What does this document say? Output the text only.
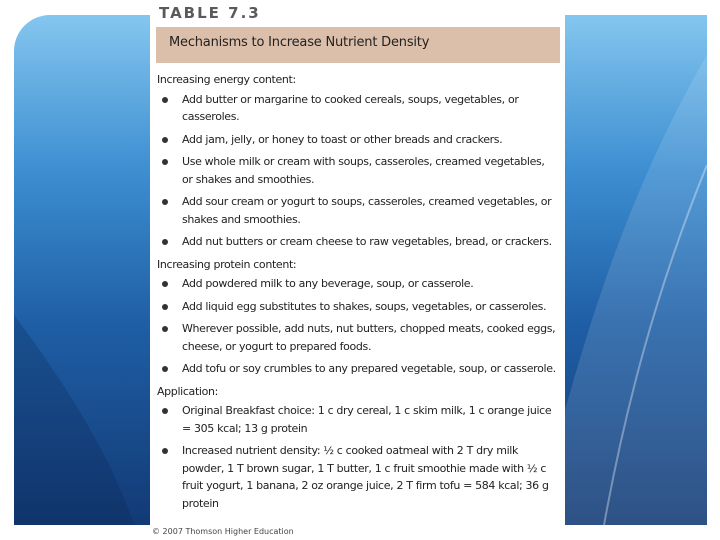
TABLE 7.3
Mechanisms to Increase Nutrient Density
Increasing energy content:
Add butter or margarine to cooked cereals, soups, vegetables, or casseroles.
Add jam, jelly, or honey to toast or other breads and crackers.
Use whole milk or cream with soups, casseroles, creamed vegetables, or shakes and smoothies.
Add sour cream or yogurt to soups, casseroles, creamed vegetables, or shakes and smoothies.
Add nut butters or cream cheese to raw vegetables, bread, or crackers.
Increasing protein content:
Add powdered milk to any beverage, soup, or casserole.
Add liquid egg substitutes to shakes, soups, vegetables, or casseroles.
Wherever possible, add nuts, nut butters, chopped meats, cooked eggs, cheese, or yogurt to prepared foods.
Add tofu or soy crumbles to any prepared vegetable, soup, or casserole.
Application:
Original Breakfast choice: 1 c dry cereal, 1 c skim milk, 1 c orange juice = 305 kcal; 13 g protein
Increased nutrient density: ½ c cooked oatmeal with 2 T dry milk powder, 1 T brown sugar, 1 T butter, 1 c fruit smoothie made with ½ c fruit yogurt, 1 banana, 2 oz orange juice, 2 T firm tofu = 584 kcal; 36 g protein
© 2007 Thomson Higher Education
